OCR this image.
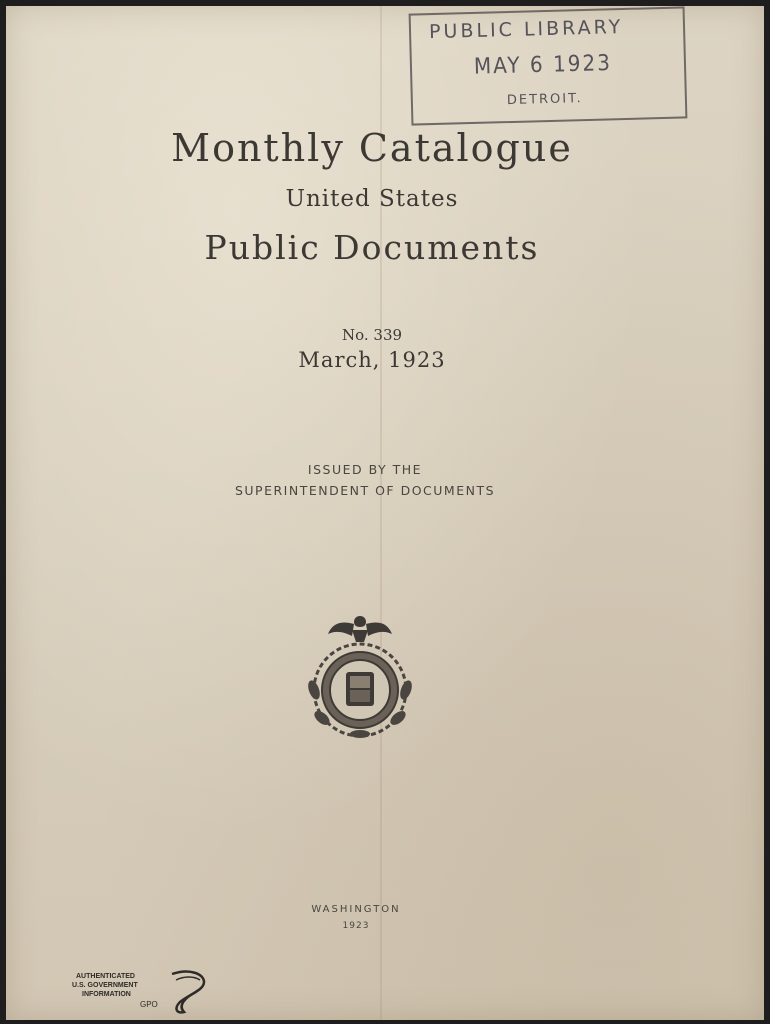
PUBLIC LIBRARY
MAY 6 1923
DETROIT.
Monthly Catalogue
United States
Public Documents
No. 339
March, 1923
ISSUED BY THE
SUPERINTENDENT OF DOCUMENTS
WASHINGTON
1923
AUTHENTICATED
U.S. GOVERNMENT
INFORMATION
GPO
